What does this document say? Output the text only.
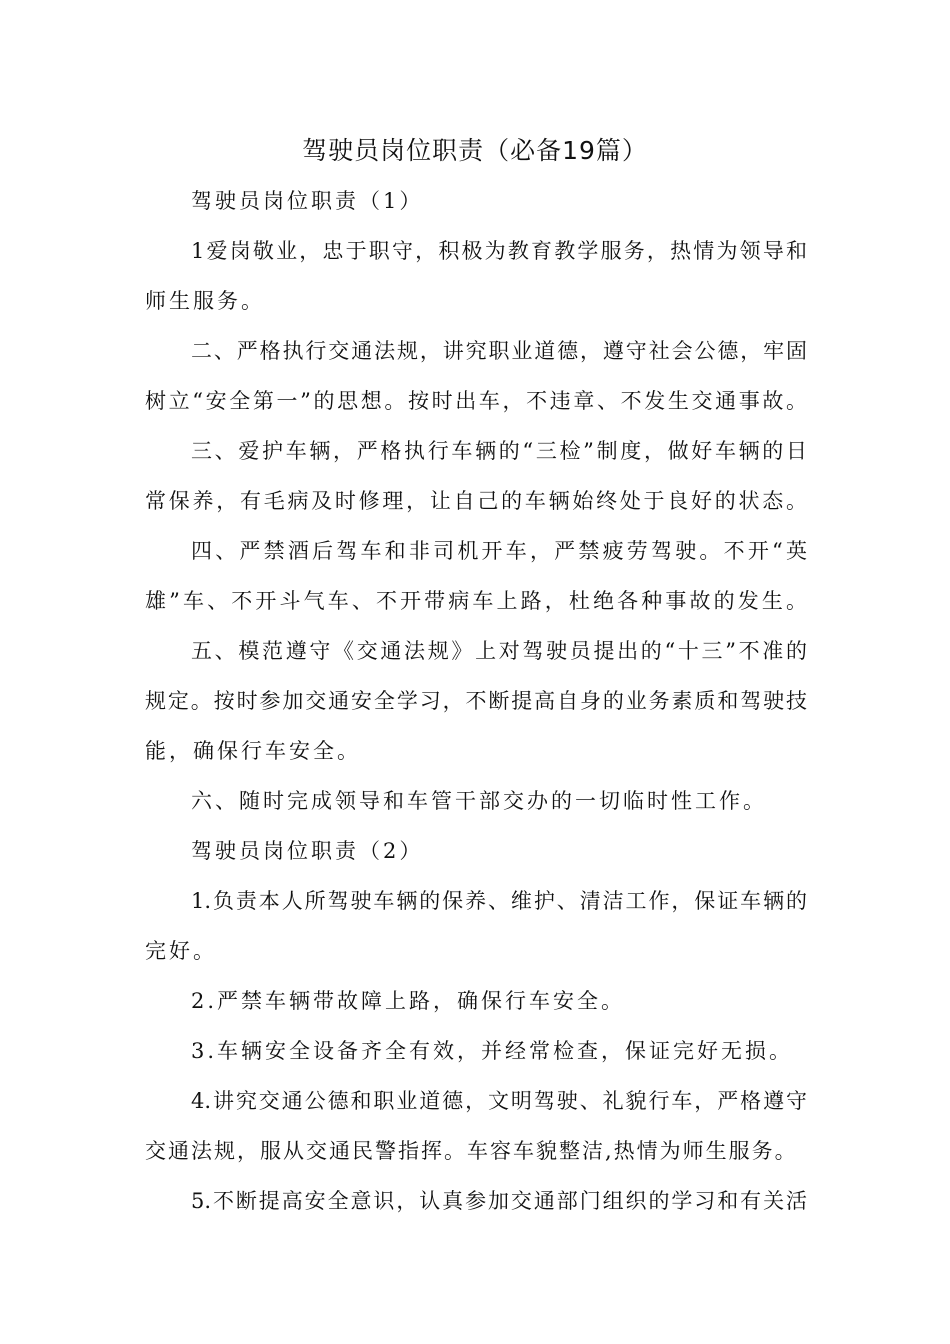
驾驶员岗位职责（必备19篇）
驾驶员岗位职责（1）
1爱岗敬业，忠于职守，积极为教育教学服务，热情为领导和
师生服务。
二、严格执行交通法规，讲究职业道德，遵守社会公德，牢固
树立“安全第一”的思想。按时出车，不违章、不发生交通事故。
三、爱护车辆，严格执行车辆的“三检”制度，做好车辆的日
常保养，有毛病及时修理，让自己的车辆始终处于良好的状态。
四、严禁酒后驾车和非司机开车，严禁疲劳驾驶。不开“英
雄”车、不开斗气车、不开带病车上路，杜绝各种事故的发生。
五、模范遵守《交通法规》上对驾驶员提出的“十三”不准的
规定。按时参加交通安全学习，不断提高自身的业务素质和驾驶技
能，确保行车安全。
六、随时完成领导和车管干部交办的一切临时性工作。
驾驶员岗位职责（2）
1.负责本人所驾驶车辆的保养、维护、清洁工作，保证车辆的
完好。
2.严禁车辆带故障上路，确保行车安全。
3.车辆安全设备齐全有效，并经常检查，保证完好无损。
4.讲究交通公德和职业道德，文明驾驶、礼貌行车，严格遵守
交通法规，服从交通民警指挥。车容车貌整洁,热情为师生服务。
5.不断提高安全意识，认真参加交通部门组织的学习和有关活
